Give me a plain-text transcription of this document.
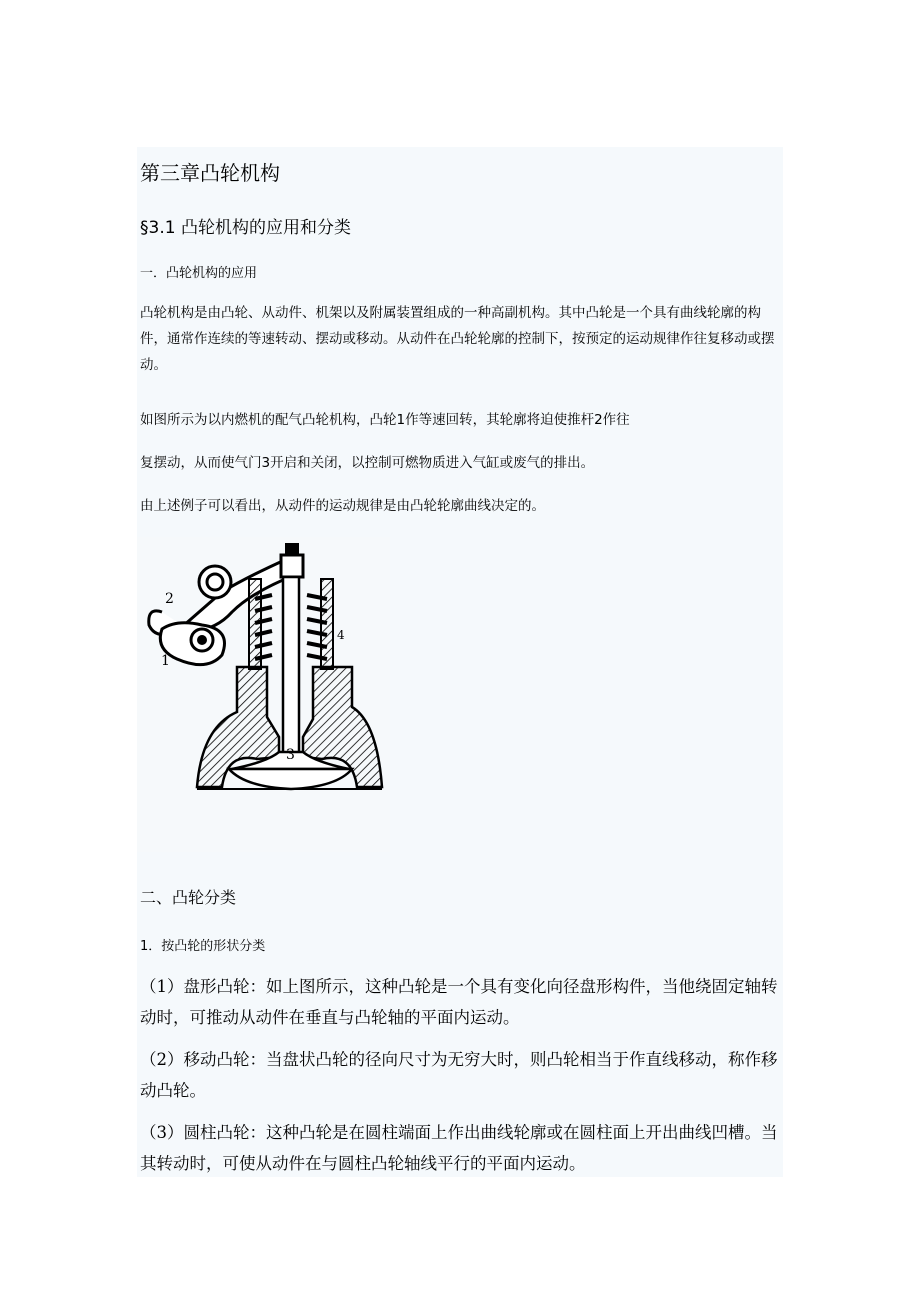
第三章凸轮机构
§3.1 凸轮机构的应用和分类
一．凸轮机构的应用
凸轮机构是由凸轮、从动件、机架以及附属装置组成的一种高副机构。其中凸轮是一个具有曲线轮廓的构件，通常作连续的等速转动、摆动或移动。从动件在凸轮轮廓的控制下，按预定的运动规律作往复移动或摆动。
如图所示为以内燃机的配气凸轮机构，凸轮1作等速回转，其轮廓将迫使推杆2作往
复摆动，从而使气门3开启和关闭，以控制可燃物质进入气缸或废气的排出。
由上述例子可以看出，从动件的运动规律是由凸轮轮廓曲线决定的。
2
1
3
4
二、凸轮分类
1．按凸轮的形状分类
（1）盘形凸轮：如上图所示，这种凸轮是一个具有变化向径盘形构件，当他绕固定轴转动时，可推动从动件在垂直与凸轮轴的平面内运动。
（2）移动凸轮：当盘状凸轮的径向尺寸为无穷大时，则凸轮相当于作直线移动，称作移动凸轮。
（3）圆柱凸轮：这种凸轮是在圆柱端面上作出曲线轮廓或在圆柱面上开出曲线凹槽。当其转动时，可使从动件在与圆柱凸轮轴线平行的平面内运动。
